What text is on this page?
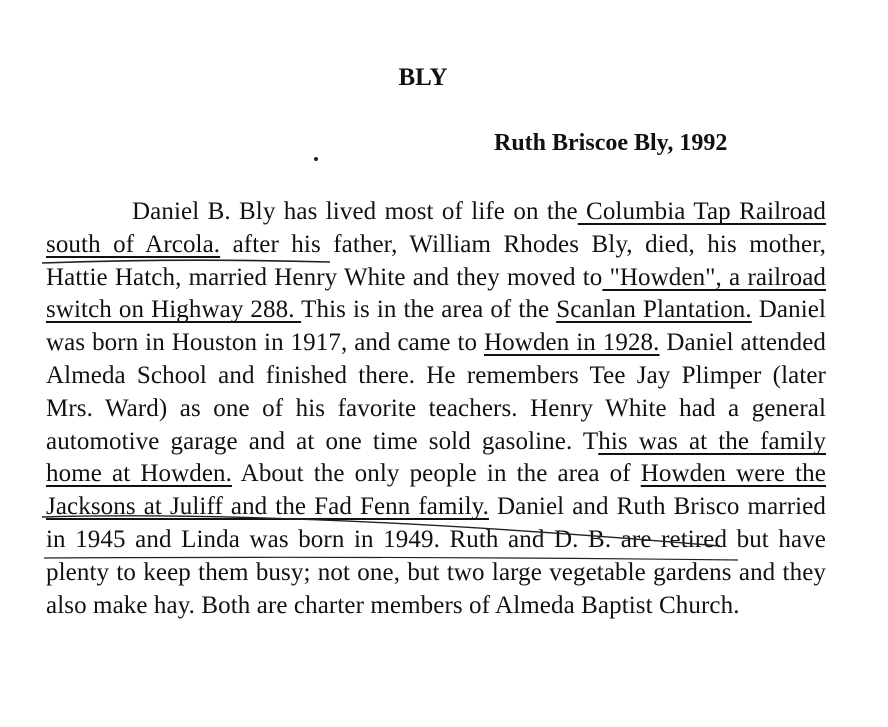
BLY
Ruth Briscoe Bly, 1992
Daniel B. Bly has lived most of life on the Columbia Tap Railroad south of Arcola. after his father, William Rhodes Bly, died, his mother, Hattie Hatch, married Henry White and they moved to "Howden", a railroad switch on Highway 288. This is in the area of the Scanlan Plantation. Daniel was born in Houston in 1917, and came to Howden in 1928. Daniel attended Almeda School and finished there. He remembers Tee Jay Plimper (later Mrs. Ward) as one of his favorite teachers. Henry White had a general automotive garage and at one time sold gasoline. This was at the family home at Howden. About the only people in the area of Howden were the Jacksons at Juliff and the Fad Fenn family. Daniel and Ruth Brisco married in 1945 and Linda was born in 1949. Ruth and D. B. are retired but have plenty to keep them busy; not one, but two large vegetable gardens and they also make hay. Both are charter members of Almeda Baptist Church.
